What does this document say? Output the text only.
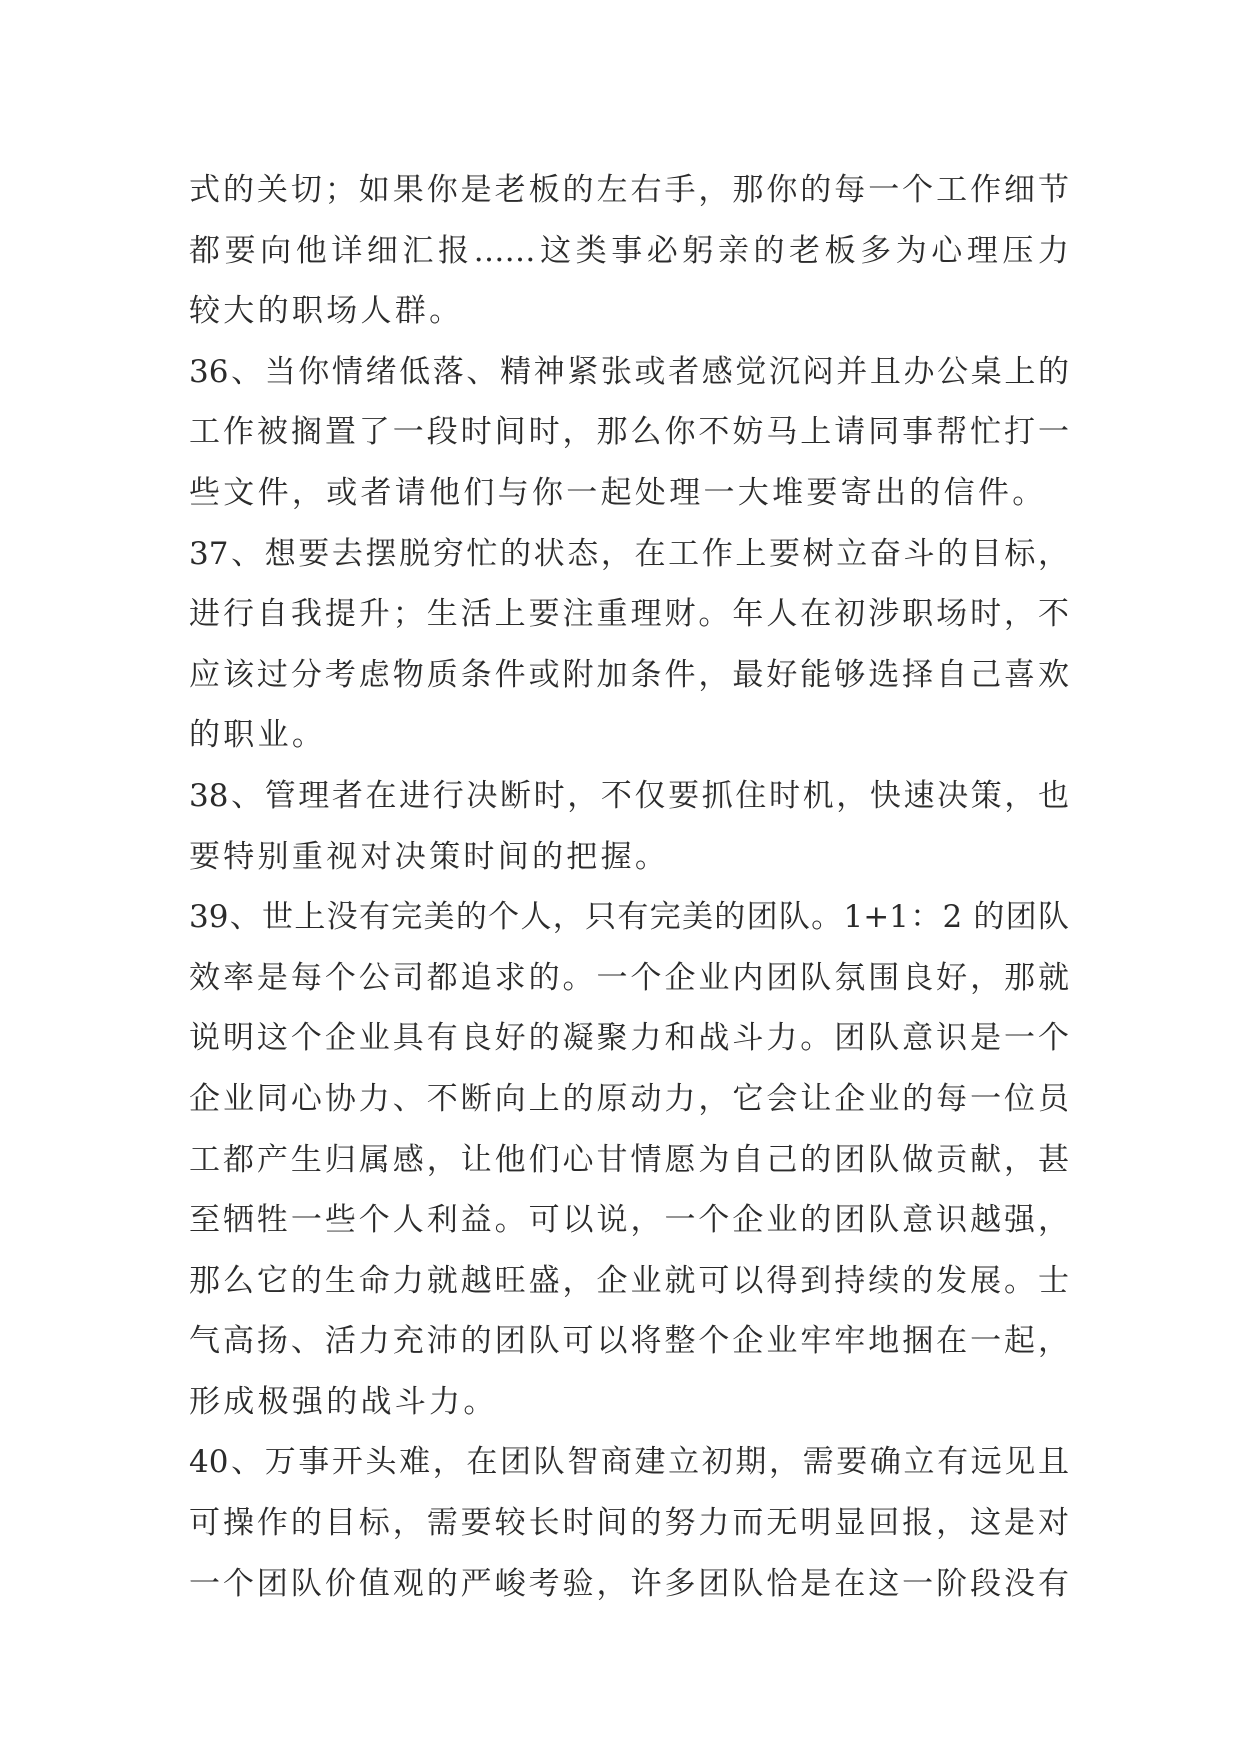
式的关切；如果你是老板的左右手，那你的每一个工作细节
都要向他详细汇报……这类事必躬亲的老板多为心理压力
较大的职场人群。
36、当你情绪低落、精神紧张或者感觉沉闷并且办公桌上的
工作被搁置了一段时间时，那么你不妨马上请同事帮忙打一
些文件，或者请他们与你一起处理一大堆要寄出的信件。
37、想要去摆脱穷忙的状态，在工作上要树立奋斗的目标，
进行自我提升；生活上要注重理财。年人在初涉职场时，不
应该过分考虑物质条件或附加条件，最好能够选择自己喜欢
的职业。
38、管理者在进行决断时，不仅要抓住时机，快速决策，也
要特别重视对决策时间的把握。
39、世上没有完美的个人，只有完美的团队。1+1：2 的团队
效率是每个公司都追求的。一个企业内团队氛围良好，那就
说明这个企业具有良好的凝聚力和战斗力。团队意识是一个
企业同心协力、不断向上的原动力，它会让企业的每一位员
工都产生归属感，让他们心甘情愿为自己的团队做贡献，甚
至牺牲一些个人利益。可以说，一个企业的团队意识越强，
那么它的生命力就越旺盛，企业就可以得到持续的发展。士
气高扬、活力充沛的团队可以将整个企业牢牢地捆在一起，
形成极强的战斗力。
40、万事开头难，在团队智商建立初期，需要确立有远见且
可操作的目标，需要较长时间的努力而无明显回报，这是对
一个团队价值观的严峻考验，许多团队恰是在这一阶段没有
